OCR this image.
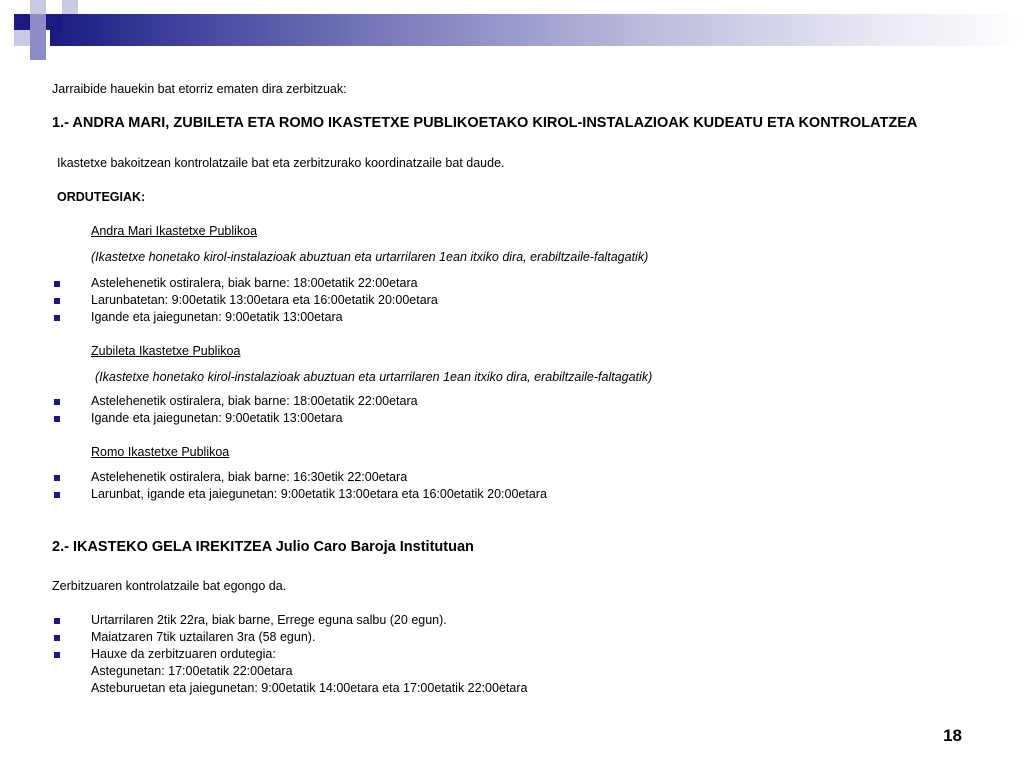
Jarraibide hauekin bat etorriz ematen dira zerbitzuak:
1.- ANDRA MARI, ZUBILETA ETA ROMO IKASTETXE PUBLIKOETAKO KIROL-INSTALAZIOAK KUDEATU ETA KONTROLATZEA
Ikastetxe bakoitzean kontrolatzaile bat eta zerbitzurako koordinatzaile bat daude.
ORDUTEGIAK:
Andra Mari Ikastetxe Publikoa
(Ikastetxe honetako kirol-instalazioak abuztuan eta urtarrilaren 1ean itxiko dira, erabiltzaile-faltagatik)
Astelehenetik ostiralera, biak barne: 18:00etatik 22:00etara
Larunbatetan: 9:00etatik 13:00etara eta 16:00etatik 20:00etara
Igande eta jaiegunetan: 9:00etatik 13:00etara
Zubileta Ikastetxe Publikoa
(Ikastetxe honetako kirol-instalazioak abuztuan eta urtarrilaren 1ean itxiko dira, erabiltzaile-faltagatik)
Astelehenetik ostiralera, biak barne: 18:00etatik 22:00etara
Igande eta jaiegunetan: 9:00etatik 13:00etara
Romo Ikastetxe Publikoa
Astelehenetik ostiralera, biak barne: 16:30etik 22:00etara
Larunbat, igande eta jaiegunetan: 9:00etatik 13:00etara eta 16:00etatik 20:00etara
2.- IKASTEKO GELA IREKITZEA Julio Caro Baroja Institutuan
Zerbitzuaren kontrolatzaile bat egongo da.
Urtarrilaren 2tik 22ra, biak barne, Errege eguna salbu (20 egun).
Maiatzaren 7tik uztailaren 3ra (58 egun).
Hauxe da zerbitzuaren ordutegia:
Astegunetan: 17:00etatik 22:00etara
Asteburuetan eta jaiegunetan: 9:00etatik 14:00etara eta 17:00etatik 22:00etara
18
